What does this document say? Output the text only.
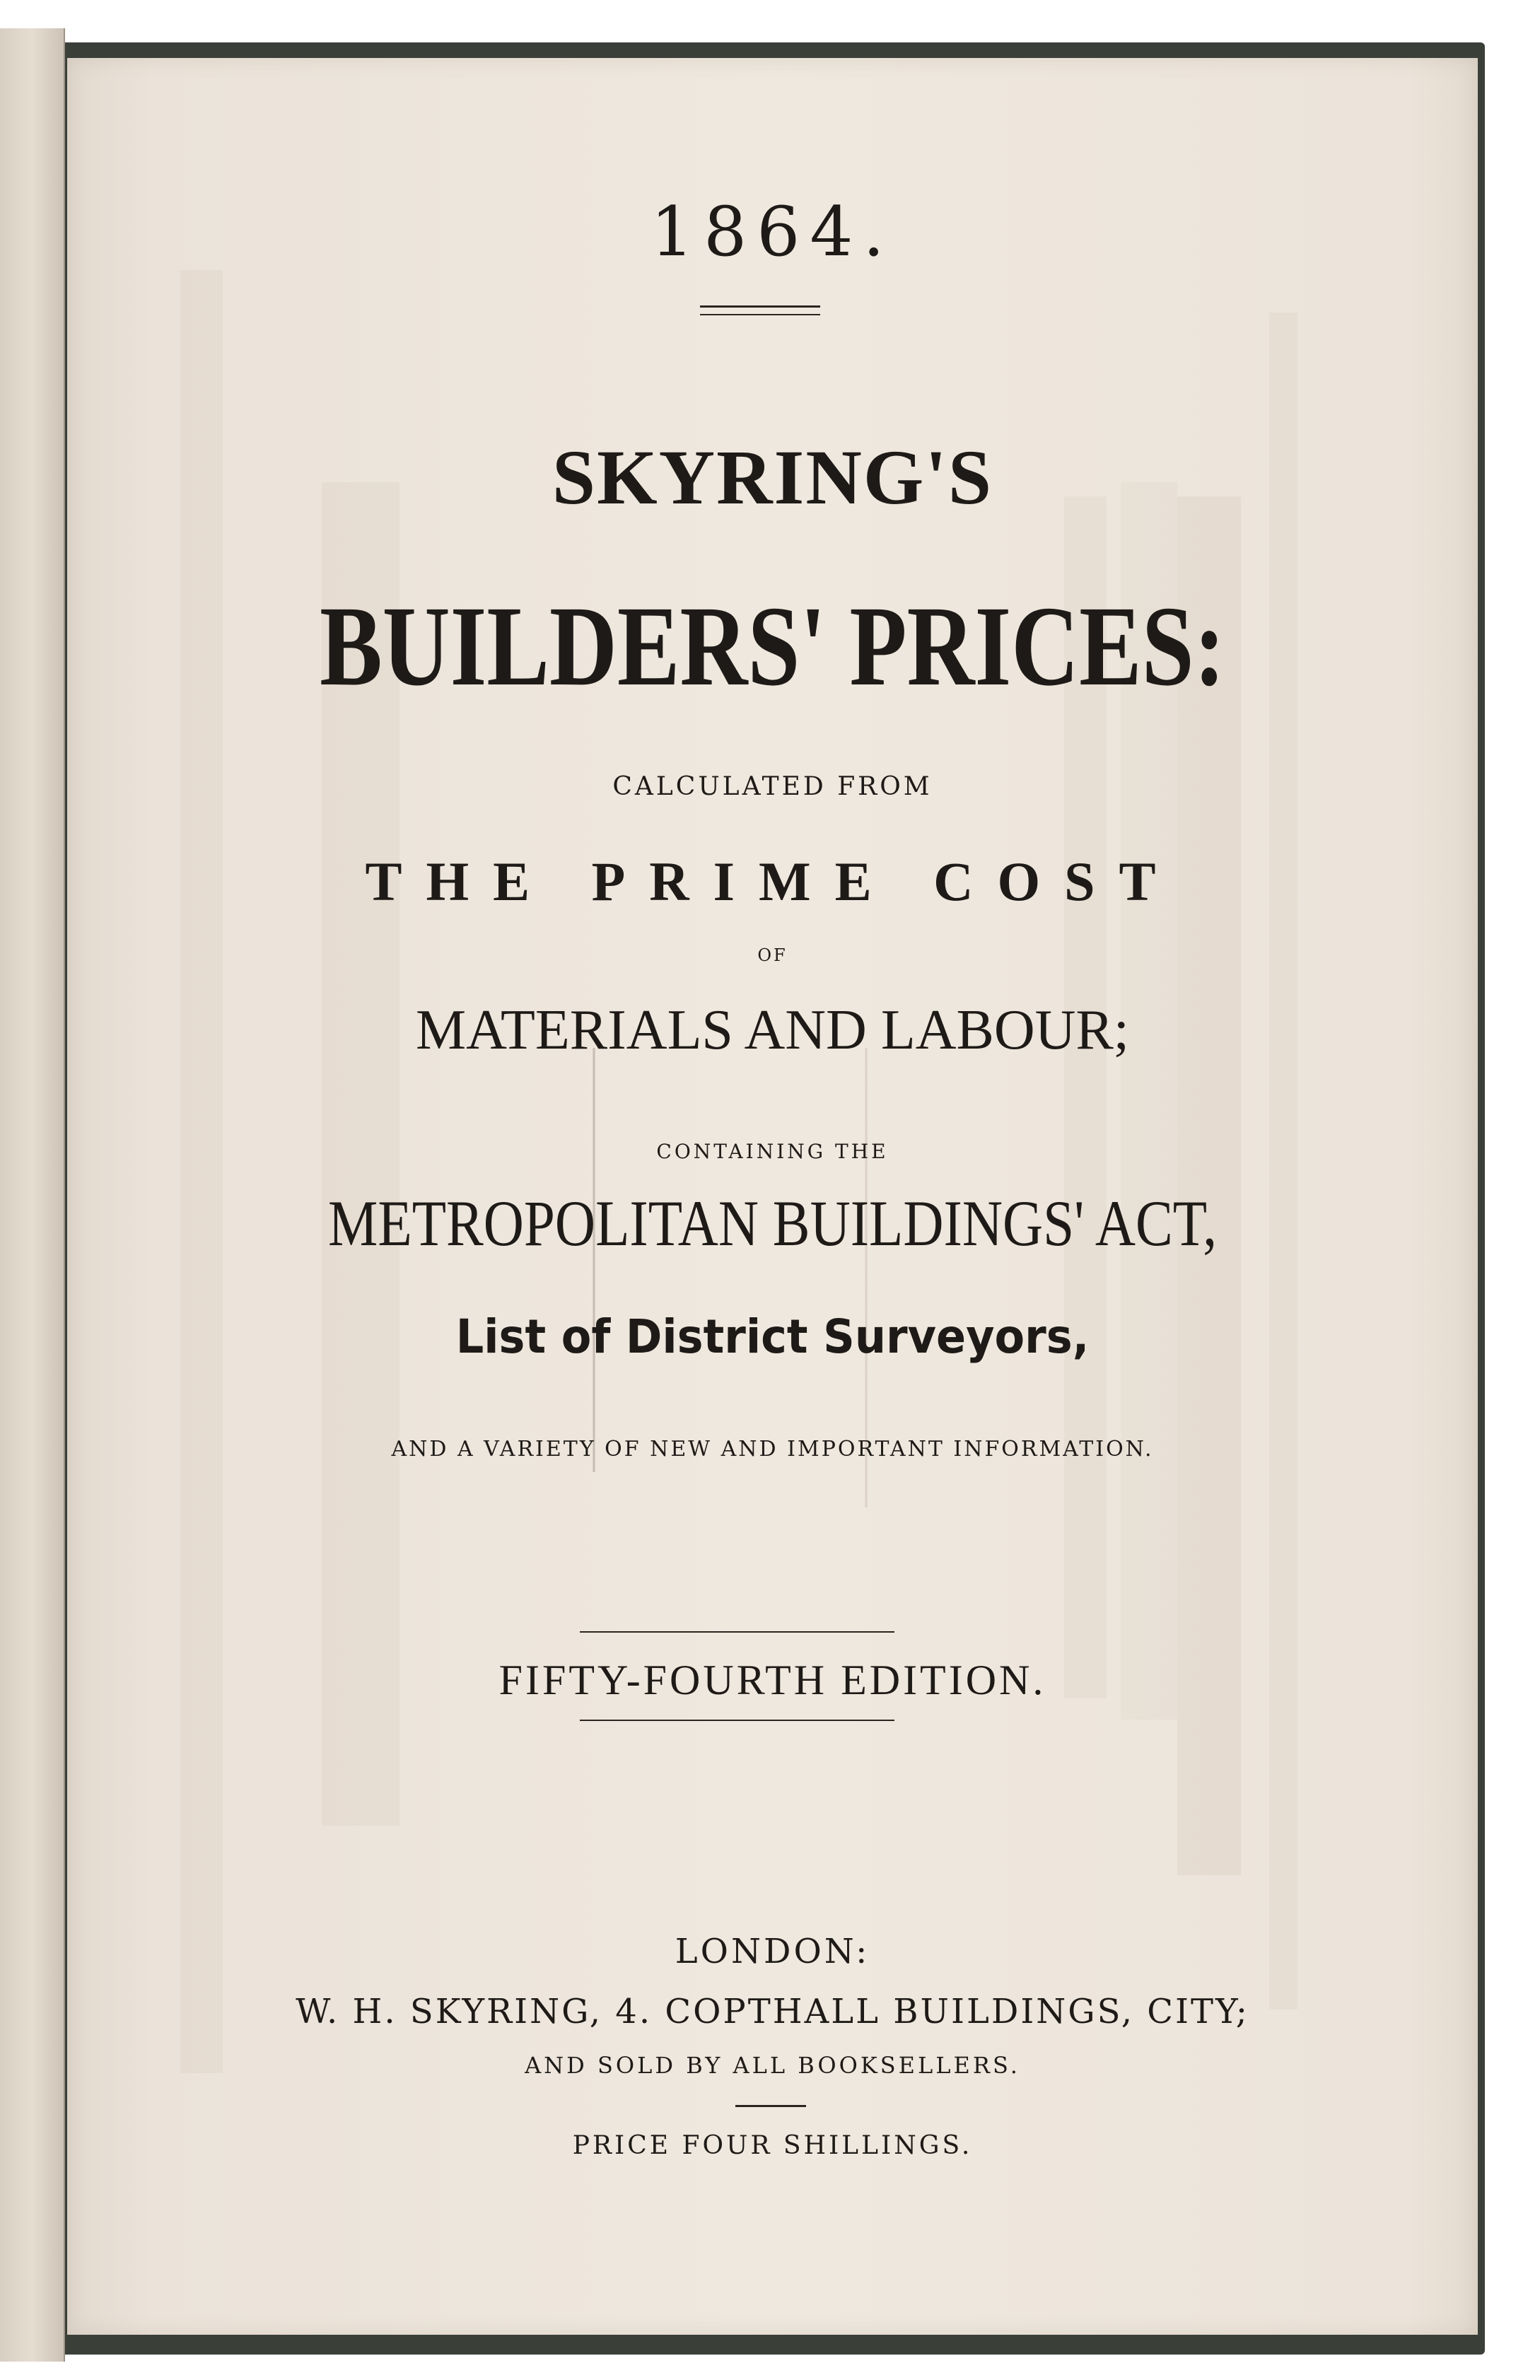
1864.
SKYRING'S
BUILDERS' PRICES:
CALCULATED FROM
THE PRIME COST
OF
MATERIALS AND LABOUR;
CONTAINING THE
METROPOLITAN BUILDINGS' ACT,
List of District Surveyors,
AND A VARIETY OF NEW AND IMPORTANT INFORMATION.
FIFTY-FOURTH EDITION.
LONDON:
W. H. SKYRING, 4. COPTHALL BUILDINGS, CITY;
AND SOLD BY ALL BOOKSELLERS.
PRICE FOUR SHILLINGS.
